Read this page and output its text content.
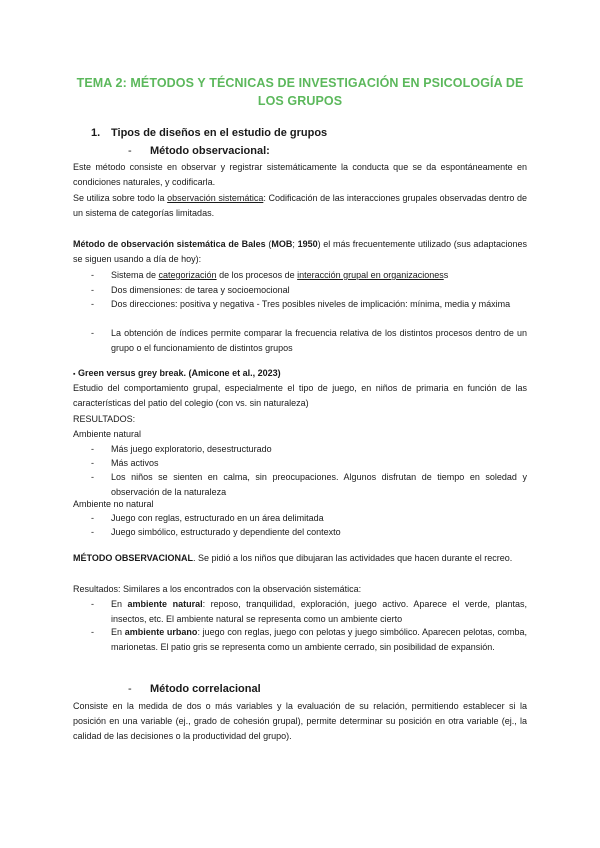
TEMA 2: MÉTODOS Y TÉCNICAS DE INVESTIGACIÓN EN PSICOLOGÍA DE
LOS GRUPOS
1. Tipos de diseños en el estudio de grupos
- Método observacional:
Este método consiste en observar y registrar sistemáticamente la conducta que se da espontáneamente en condiciones naturales, y codificarla.
Se utiliza sobre todo la observación sistemática: Codificación de las interacciones grupales observadas dentro de un sistema de categorías limitadas.
Método de observación sistemática de Bales (MOB; 1950) el más frecuentemente utilizado (sus adaptaciones se siguen usando a día de hoy):
- Sistema de categorización de los procesos de interacción grupal en organizacioness
- Dos dimensiones: de tarea y socioemocional
- Dos direcciones: positiva y negativa - Tres posibles niveles de implicación: mínima, media y máxima
- La obtención de índices permite comparar la frecuencia relativa de los distintos procesos dentro de un grupo o el funcionamiento de distintos grupos
▪ Green versus grey break. (Amicone et al., 2023)
Estudio del comportamiento grupal, especialmente el tipo de juego, en niños de primaria en función de las características del patio del colegio (con vs. sin naturaleza)
RESULTADOS:
Ambiente natural
- Más juego exploratorio, desestructurado
- Más activos
- Los niños se sienten en calma, sin preocupaciones. Algunos disfrutan de tiempo en soledad y observación de la naturaleza
Ambiente no natural
- Juego con reglas, estructurado en un área delimitada
- Juego simbólico, estructurado y dependiente del contexto
MÉTODO OBSERVACIONAL. Se pidió a los niños que dibujaran las actividades que hacen durante el recreo.
Resultados: Similares a los encontrados con la observación sistemática:
- En ambiente natural: reposo, tranquilidad, exploración, juego activo. Aparece el verde, plantas, insectos, etc. El ambiente natural se representa como un ambiente cierto
- En ambiente urbano: juego con reglas, juego con pelotas y juego simbólico. Aparecen pelotas, comba, marionetas. El patio gris se representa como un ambiente cerrado, sin posibilidad de expansión.
- Método correlacional
Consiste en la medida de dos o más variables y la evaluación de su relación, permitiendo establecer si la posición en una variable (ej., grado de cohesión grupal), permite determinar su posición en otra variable (ej., la calidad de las decisiones o la productividad del grupo).
